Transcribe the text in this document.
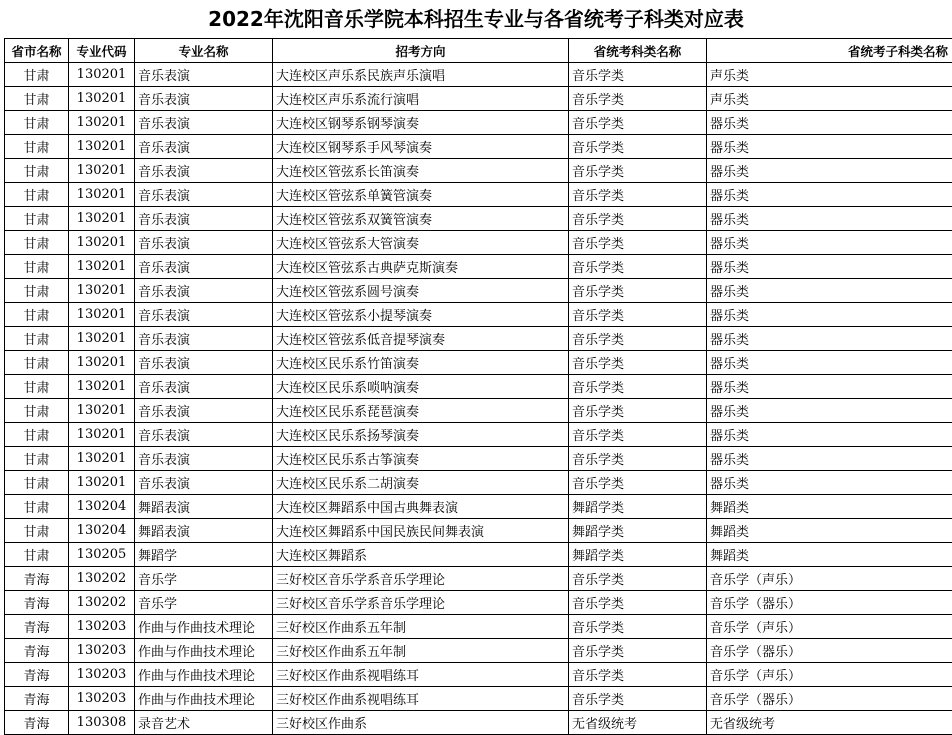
2022年沈阳音乐学院本科招生专业与各省统考子科类对应表
省市名称	专业代码	专业名称	招考方向	省统考科类名称	省统考子科类名称
甘肃	130201	音乐表演	大连校区声乐系民族声乐演唱	音乐学类	声乐类
甘肃	130201	音乐表演	大连校区声乐系流行演唱	音乐学类	声乐类
甘肃	130201	音乐表演	大连校区钢琴系钢琴演奏	音乐学类	器乐类
甘肃	130201	音乐表演	大连校区钢琴系手风琴演奏	音乐学类	器乐类
甘肃	130201	音乐表演	大连校区管弦系长笛演奏	音乐学类	器乐类
甘肃	130201	音乐表演	大连校区管弦系单簧管演奏	音乐学类	器乐类
甘肃	130201	音乐表演	大连校区管弦系双簧管演奏	音乐学类	器乐类
甘肃	130201	音乐表演	大连校区管弦系大管演奏	音乐学类	器乐类
甘肃	130201	音乐表演	大连校区管弦系古典萨克斯演奏	音乐学类	器乐类
甘肃	130201	音乐表演	大连校区管弦系圆号演奏	音乐学类	器乐类
甘肃	130201	音乐表演	大连校区管弦系小提琴演奏	音乐学类	器乐类
甘肃	130201	音乐表演	大连校区管弦系低音提琴演奏	音乐学类	器乐类
甘肃	130201	音乐表演	大连校区民乐系竹笛演奏	音乐学类	器乐类
甘肃	130201	音乐表演	大连校区民乐系唢呐演奏	音乐学类	器乐类
甘肃	130201	音乐表演	大连校区民乐系琵琶演奏	音乐学类	器乐类
甘肃	130201	音乐表演	大连校区民乐系扬琴演奏	音乐学类	器乐类
甘肃	130201	音乐表演	大连校区民乐系古筝演奏	音乐学类	器乐类
甘肃	130201	音乐表演	大连校区民乐系二胡演奏	音乐学类	器乐类
甘肃	130204	舞蹈表演	大连校区舞蹈系中国古典舞表演	舞蹈学类	舞蹈类
甘肃	130204	舞蹈表演	大连校区舞蹈系中国民族民间舞表演	舞蹈学类	舞蹈类
甘肃	130205	舞蹈学	大连校区舞蹈系	舞蹈学类	舞蹈类
青海	130202	音乐学	三好校区音乐学系音乐学理论	音乐学类	音乐学（声乐）
青海	130202	音乐学	三好校区音乐学系音乐学理论	音乐学类	音乐学（器乐）
青海	130203	作曲与作曲技术理论	三好校区作曲系五年制	音乐学类	音乐学（声乐）
青海	130203	作曲与作曲技术理论	三好校区作曲系五年制	音乐学类	音乐学（器乐）
青海	130203	作曲与作曲技术理论	三好校区作曲系视唱练耳	音乐学类	音乐学（声乐）
青海	130203	作曲与作曲技术理论	三好校区作曲系视唱练耳	音乐学类	音乐学（器乐）
青海	130308	录音艺术	三好校区作曲系	无省级统考	无省级统考
